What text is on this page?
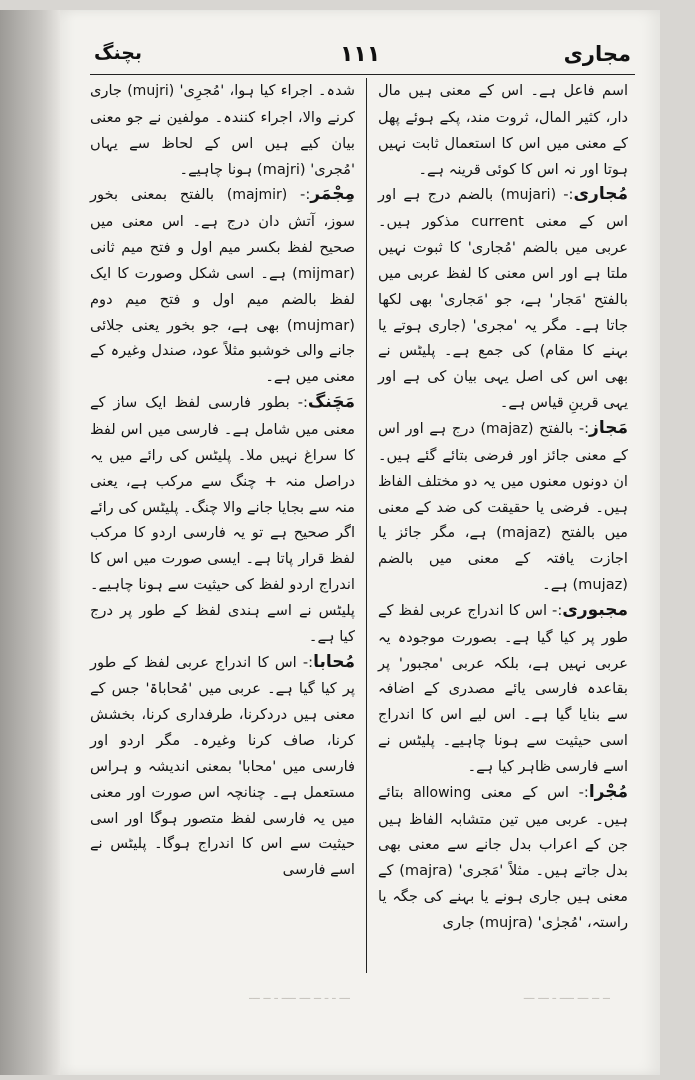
بچنگ	۱۱۱	مجاری

اسم فاعل ہے۔ اس کے معنی ہیں مال دار، کثیر المال، ثروت مند، پکے ہوئے پھل کے معنی میں اس کا استعمال ثابت نہیں ہوتا اور نہ اس کا کوئی قرینہ ہے۔

مُجاری:- (mujari) بالضم درج ہے اور اس کے معنی current مذکور ہیں۔ عربی میں بالضم 'مُجاری' کا ثبوت نہیں ملتا ہے اور اس معنی کا لفظ عربی میں بالفتح 'مَجار' ہے، جو 'مَجاری' بھی لکھا جاتا ہے۔ مگر یہ 'مجری' (جاری ہوتے یا بہنے کا مقام) کی جمع ہے۔ پلیٹس نے بھی اس کی اصل یہی بیان کی ہے اور یہی قرینِ قیاس ہے۔

مَجاز:- بالفتح (majaz) درج ہے اور اس کے معنی جائز اور فرضی بتائے گئے ہیں۔ ان دونوں معنوں میں یہ دو مختلف الفاظ ہیں۔ فرضی یا حقیقت کی ضد کے معنی میں بالفتح (majaz) ہے، مگر جائز یا اجازت یافتہ کے معنی میں بالضم (mujaz) ہے۔

مجبوری:- اس کا اندراج عربی لفظ کے طور پر کیا گیا ہے۔ بصورت موجودہ یہ عربی نہیں ہے، بلکہ عربی 'مجبور' پر بقاعدہ فارسی یائے مصدری کے اضافہ سے بنایا گیا ہے۔ اس لیے اس کا اندراج اسی حیثیت سے ہونا چاہیے۔ پلیٹس نے اسے فارسی ظاہر کیا ہے۔

مُجْرا:- اس کے معنی allowing بتائے ہیں۔ عربی میں تین متشابہ الفاظ ہیں جن کے اعراب بدل جانے سے معنی بھی بدل جاتے ہیں۔ مثلاً 'مَجری' (majra) کے معنی ہیں جاری ہونے یا بہنے کی جگہ یا راستہ، 'مُجرٰی' (mujra) جاری

شدہ۔ اجراء کیا ہوا، 'مُجرِی' (mujri) جاری کرنے والا، اجراء کنندہ۔ مولفین نے جو معنی بیان کیے ہیں اس کے لحاظ سے یہاں 'مُجری' (majri) ہونا چاہیے۔

مِجْمَر:- (majmir) بالفتح بمعنی بخور سوز، آتش دان درج ہے۔ اس معنی میں صحیح لفظ بکسر میم اول و فتح میم ثانی (mijmar) ہے۔ اسی شکل وصورت کا ایک لفظ بالضم میم اول و فتح میم دوم (mujmar) بھی ہے، جو بخور یعنی جلائی جانے والی خوشبو مثلاً عود، صندل وغیرہ کے معنی میں ہے۔

مَچَنگ:- بطور فارسی لفظ ایک ساز کے معنی میں شامل ہے۔ فارسی میں اس لفظ کا سراغ نہیں ملا۔ پلیٹس کی رائے میں یہ دراصل منہ + چنگ سے مرکب ہے، یعنی منہ سے بجایا جانے والا چنگ۔ پلیٹس کی رائے اگر صحیح ہے تو یہ فارسی اردو کا مرکب لفظ قرار پاتا ہے۔ ایسی صورت میں اس کا اندراج اردو لفظ کی حیثیت سے ہونا چاہیے۔ پلیٹس نے اسے ہندی لفظ کے طور پر درج کیا ہے۔

مُحابا:- اس کا اندراج عربی لفظ کے طور پر کیا گیا ہے۔ عربی میں 'مُحاباۃ' جس کے معنی ہیں دردکرنا، طرفداری کرنا، بخشش کرنا، صاف کرنا وغیرہ۔ مگر اردو اور فارسی میں 'محابا' بمعنی اندیشہ و ہراس مستعمل ہے۔ چنانچہ اس صورت اور معنی میں یہ فارسی لفظ متصور ہوگا اور اسی حیثیت سے اس کا اندراج ہوگا۔ پلیٹس نے اسے فارسی

ـــ ـ ـ ــ ـــ ــــ ـ ــ ـــ	ــ ــ ـــ ــــ ـ ـــ ـــ
